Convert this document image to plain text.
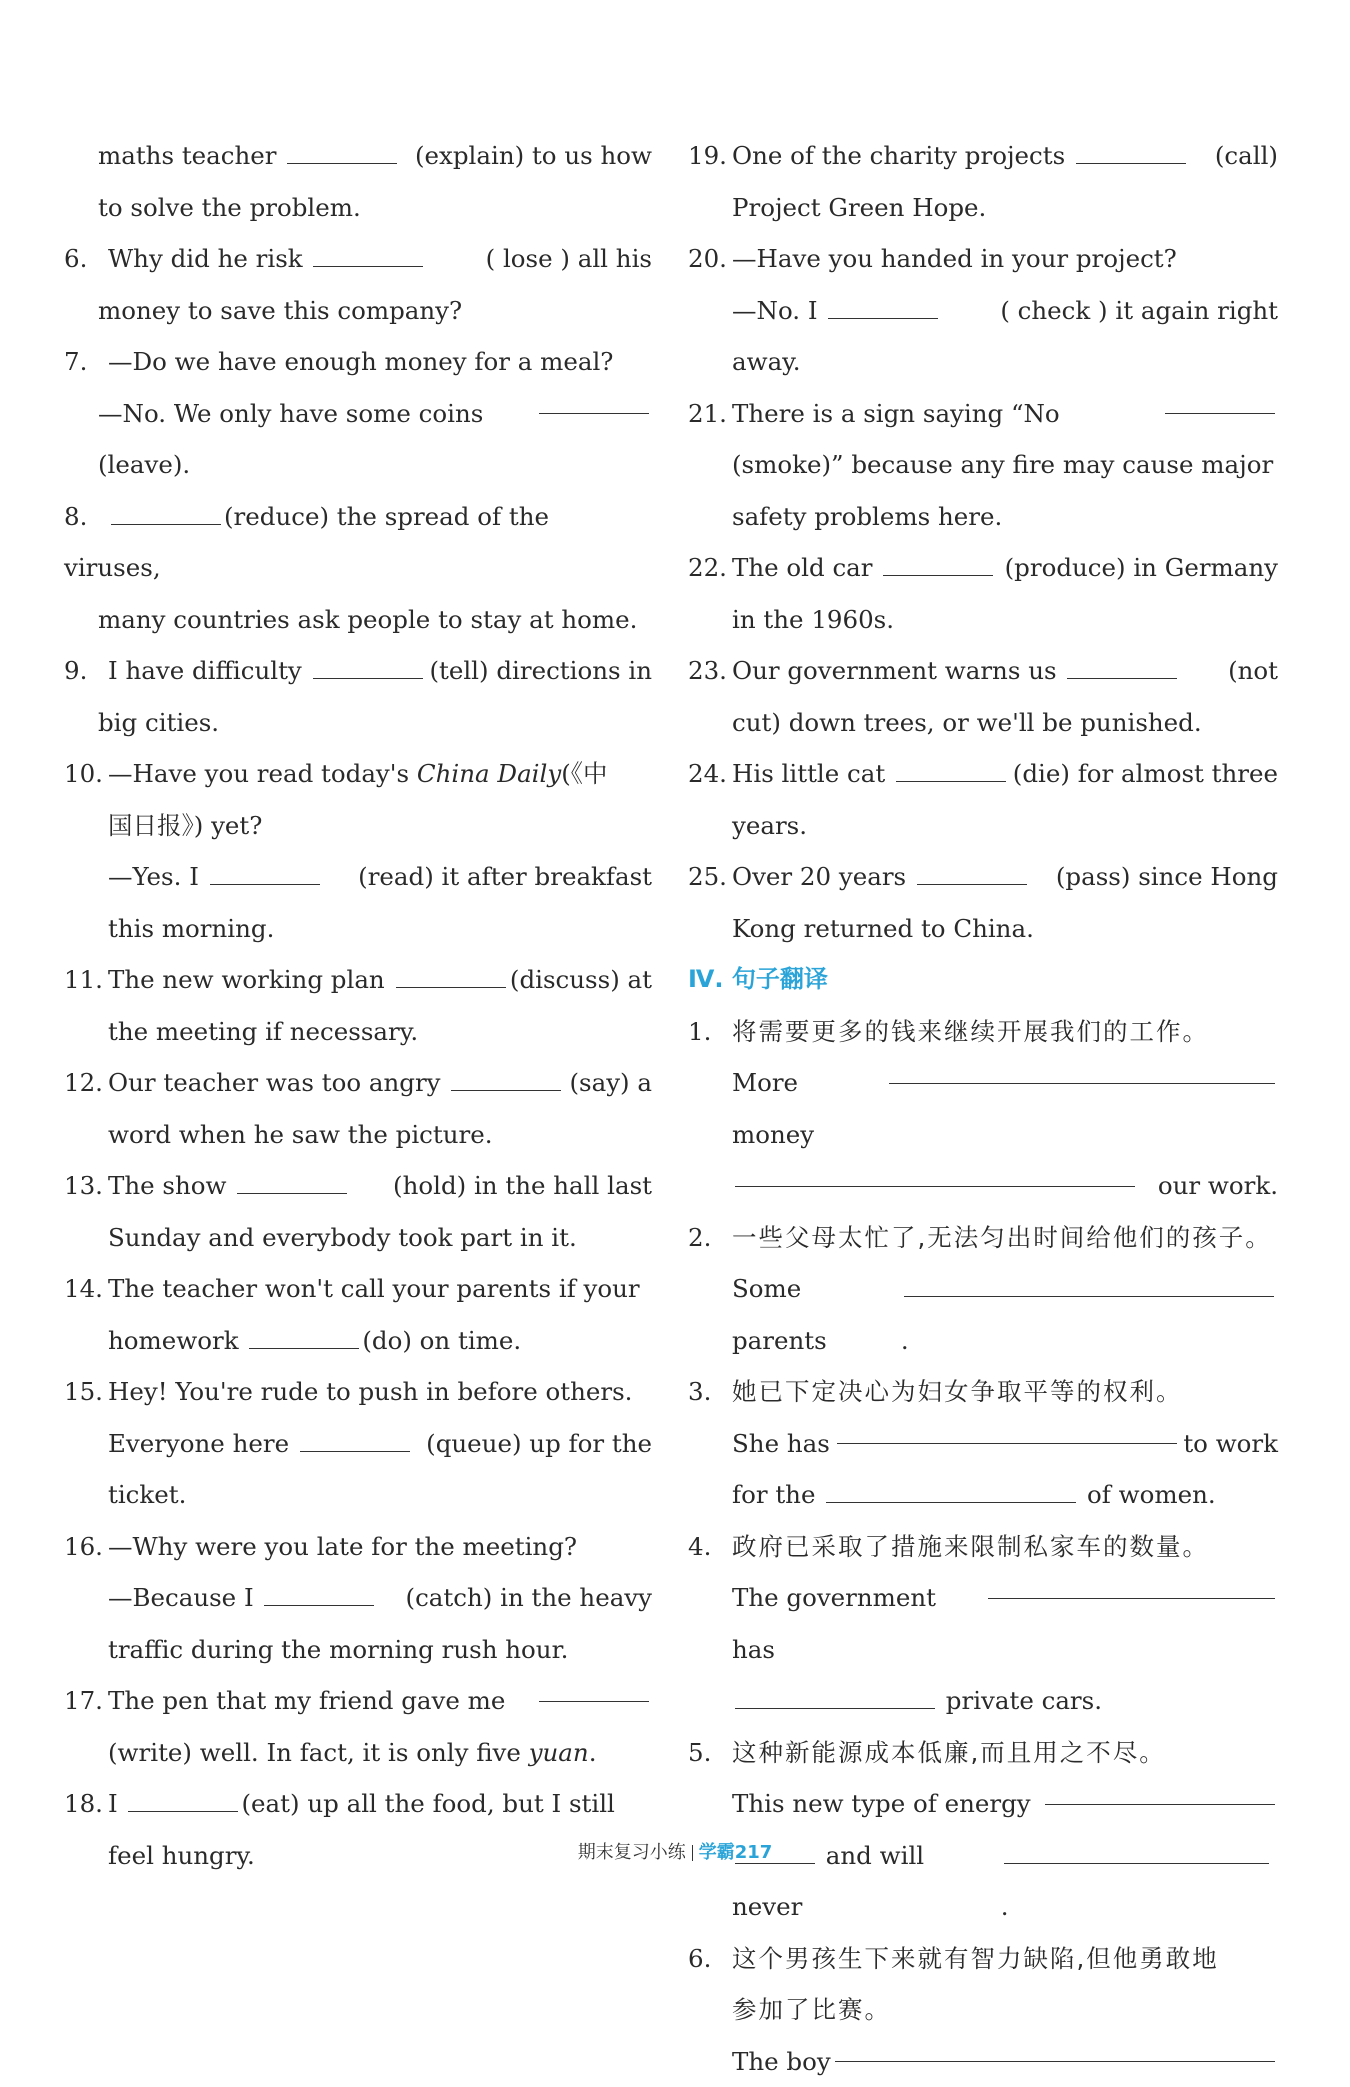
maths teacher	(explain) to us how
to solve the problem.
6. Why did he risk	( lose ) all his
money to save this company?
7. —Do we have enough money for a meal?
—No. We only have some coins
(leave).
8.	(reduce) the spread of the viruses,
many countries ask people to stay at home.
9. I have difficulty	(tell) directions in
big cities.
10. —Have you read today's China Daily(《中
国日报》) yet?
—Yes. I	(read) it after breakfast
this morning.
11. The new working plan	(discuss) at
the meeting if necessary.
12. Our teacher was too angry	(say) a
word when he saw the picture.
13. The show	(hold) in the hall last
Sunday and everybody took part in it.
14. The teacher won't call your parents if your
homework	(do) on time.
15. Hey! You're rude to push in before others.
Everyone here	(queue) up for the
ticket.
16. —Why were you late for the meeting?
—Because I	(catch) in the heavy
traffic during the morning rush hour.
17. The pen that my friend gave me
(write) well. In fact, it is only five yuan.
18. I	(eat) up all the food, but I still
feel hungry.
19. One of the charity projects	(call)
Project Green Hope.
20. —Have you handed in your project?
—No. I	( check ) it again right
away.
21. There is a sign saying “No
(smoke)” because any fire may cause major
safety problems here.
22. The old car	(produce) in Germany
in the 1960s.
23. Our government warns us	(not
cut) down trees, or we'll be punished.
24. His little cat	(die) for almost three
years.
25. Over 20 years	(pass) since Hong
Kong returned to China.
Ⅳ. 句子翻译
1. 将需要更多的钱来继续开展我们的工作。
More money
our work.
2. 一些父母太忙了,无法匀出时间给他们的孩子。
Some parents	.
3. 她已下定决心为妇女争取平等的权利。
She has	to work
for the	of women.
4. 政府已采取了措施来限制私家车的数量。
The government has
private cars.
5. 这种新能源成本低廉,而且用之不尽。
This new type of energy
and will never	.
6. 这个男孩生下来就有智力缺陷,但他勇敢地
参加了比赛。
The boy
期末复习小练 学霸217
